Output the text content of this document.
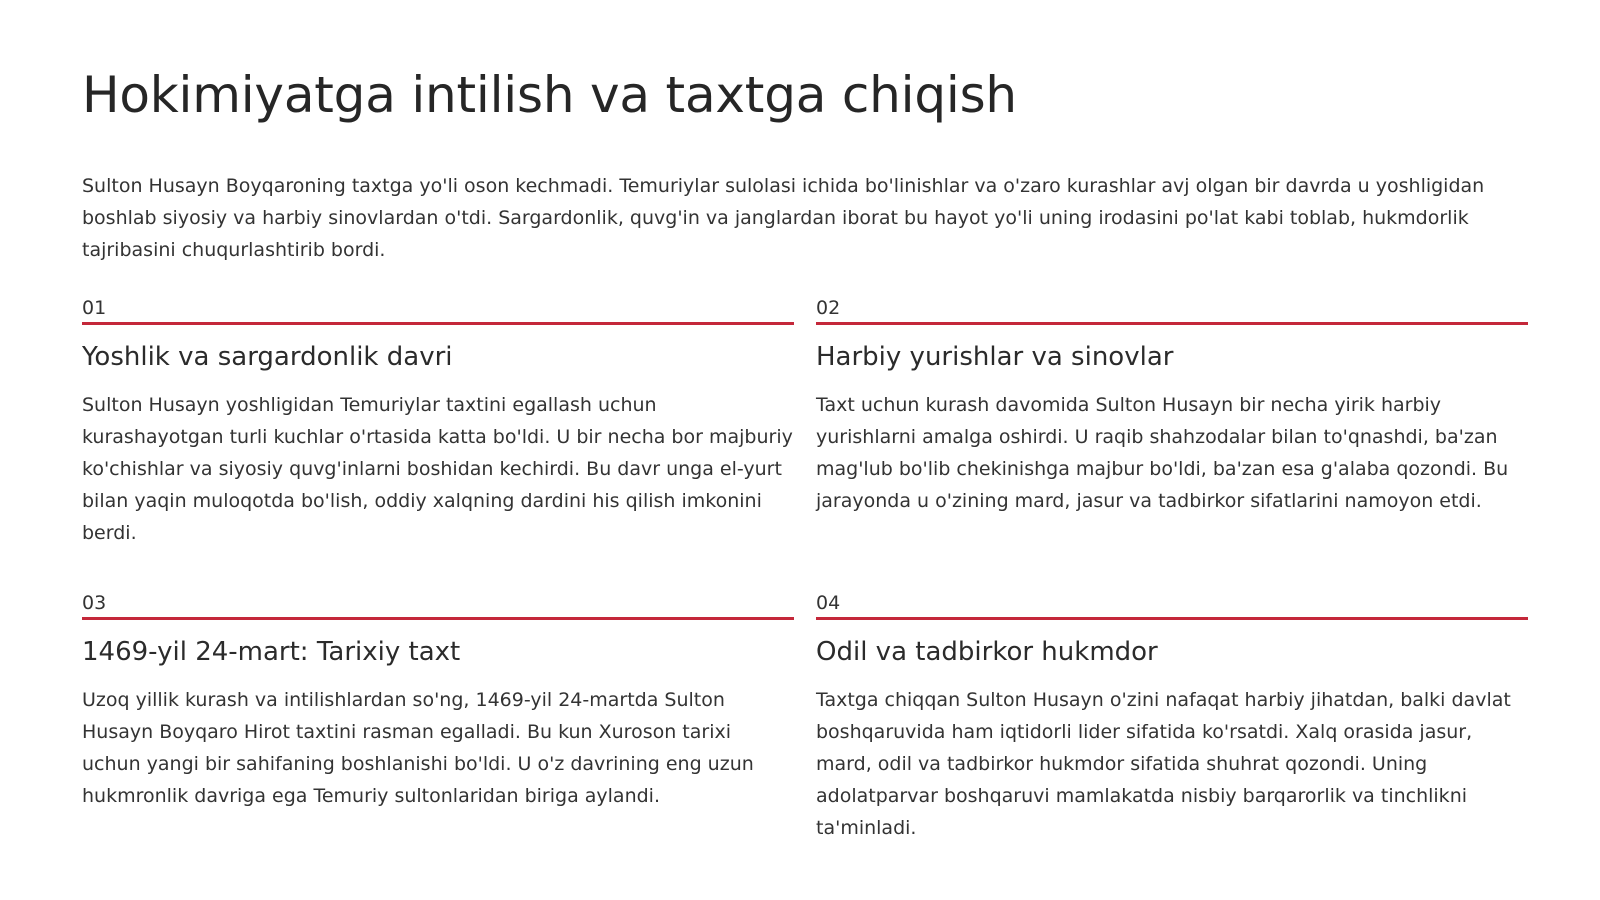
Hokimiyatga intilish va taxtga chiqish

Sulton Husayn Boyqaroning taxtga yo'li oson kechmadi. Temuriylar sulolasi ichida bo'linishlar va o'zaro kurashlar avj olgan bir davrda u yoshligidan boshlab siyosiy va harbiy sinovlardan o'tdi. Sargardonlik, quvg'in va janglardan iborat bu hayot yo'li uning irodasini po'lat kabi toblab, hukmdorlik tajribasini chuqurlashtirib bordi.

01
Yoshlik va sargardonlik davri

Sulton Husayn yoshligidan Temuriylar taxtini egallash uchun kurashayotgan turli kuchlar o'rtasida katta bo'ldi. U bir necha bor majburiy ko'chishlar va siyosiy quvg'inlarni boshidan kechirdi. Bu davr unga el-yurt bilan yaqin muloqotda bo'lish, oddiy xalqning dardini his qilish imkonini berdi.

02
Harbiy yurishlar va sinovlar

Taxt uchun kurash davomida Sulton Husayn bir necha yirik harbiy yurishlarni amalga oshirdi. U raqib shahzodalar bilan to'qnashdi, ba'zan mag'lub bo'lib chekinishga majbur bo'ldi, ba'zan esa g'alaba qozondi. Bu jarayonda u o'zining mard, jasur va tadbirkor sifatlarini namoyon etdi.

03
1469-yil 24-mart: Tarixiy taxt

Uzoq yillik kurash va intilishlardan so'ng, 1469-yil 24-martda Sulton Husayn Boyqaro Hirot taxtini rasman egalladi. Bu kun Xuroson tarixi uchun yangi bir sahifaning boshlanishi bo'ldi. U o'z davrining eng uzun hukmronlik davriga ega Temuriy sultonlaridan biriga aylandi.

04
Odil va tadbirkor hukmdor

Taxtga chiqqan Sulton Husayn o'zini nafaqat harbiy jihatdan, balki davlat boshqaruvida ham iqtidorli lider sifatida ko'rsatdi. Xalq orasida jasur, mard, odil va tadbirkor hukmdor sifatida shuhrat qozondi. Uning adolatparvar boshqaruvi mamlakatda nisbiy barqarorlik va tinchlikni ta'minladi.
